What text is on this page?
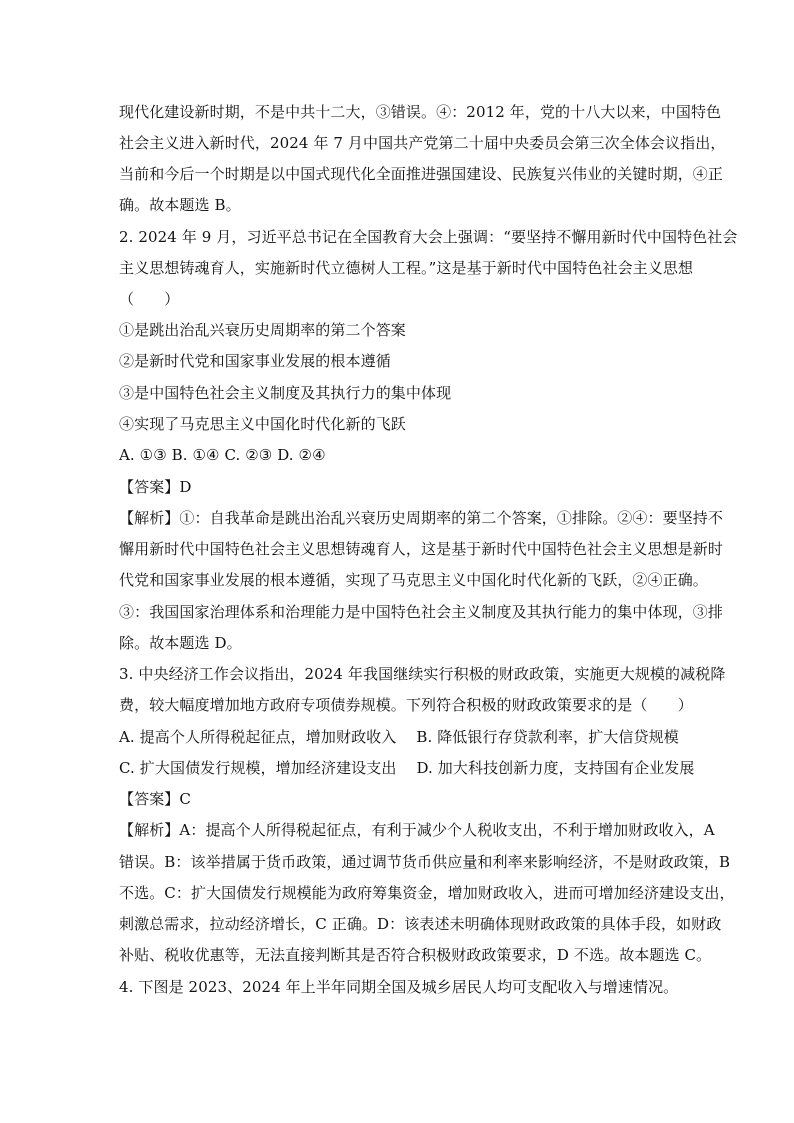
现代化建设新时期，不是中共十二大，③错误。④：2012 年，党的十八大以来，中国特色
社会主义进入新时代，2024 年 7 月中国共产党第二十届中央委员会第三次全体会议指出，
当前和今后一个时期是以中国式现代化全面推进强国建设、民族复兴伟业的关键时期，④正
确。故本题选 B。
2. 2024 年 9 月，习近平总书记在全国教育大会上强调：“要坚持不懈用新时代中国特色社会
主义思想铸魂育人，实施新时代立德树人工程。”这是基于新时代中国特色社会主义思想
（　　）
①是跳出治乱兴衰历史周期率的第二个答案
②是新时代党和国家事业发展的根本遵循
③是中国特色社会主义制度及其执行力的集中体现
④实现了马克思主义中国化时代化新的飞跃
A. ①③ B. ①④ C. ②③ D. ②④
【答案】D
【解析】①：自我革命是跳出治乱兴衰历史周期率的第二个答案，①排除。②④：要坚持不
懈用新时代中国特色社会主义思想铸魂育人，这是基于新时代中国特色社会主义思想是新时
代党和国家事业发展的根本遵循，实现了马克思主义中国化时代化新的飞跃，②④正确。
③：我国国家治理体系和治理能力是中国特色社会主义制度及其执行能力的集中体现，③排
除。故本题选 D。
3. 中央经济工作会议指出，2024 年我国继续实行积极的财政政策，实施更大规模的减税降
费，较大幅度增加地方政府专项债券规模。下列符合积极的财政政策要求的是（　　）
A. 提高个人所得税起征点，增加财政收入　 B. 降低银行存贷款利率，扩大信贷规模
C. 扩大国债发行规模，增加经济建设支出　 D. 加大科技创新力度，支持国有企业发展
【答案】C
【解析】A：提高个人所得税起征点，有利于减少个人税收支出，不利于增加财政收入，A
错误。B：该举措属于货币政策，通过调节货币供应量和利率来影响经济，不是财政政策，B
不选。C：扩大国债发行规模能为政府筹集资金，增加财政收入，进而可增加经济建设支出，
刺激总需求，拉动经济增长，C 正确。D：该表述未明确体现财政政策的具体手段，如财政
补贴、税收优惠等，无法直接判断其是否符合积极财政政策要求，D 不选。故本题选 C。
4. 下图是 2023、2024 年上半年同期全国及城乡居民人均可支配收入与增速情况。
